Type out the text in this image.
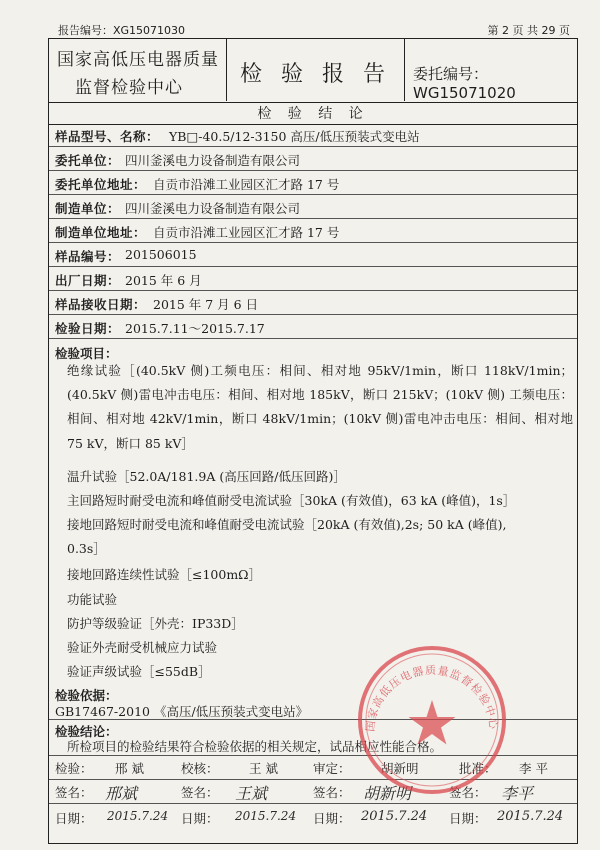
报告编号：XG15071030	第 2 页 共 29 页
国家高低压电器质量
监督检验中心
检 验 报 告	委托编号：WG15071020
检 验 结 论
样品型号、名称： YB□-40.5/12-3150 高压/低压预装式变电站
委托单位： 四川釜溪电力设备制造有限公司
委托单位地址： 自贡市沿滩工业园区汇才路 17 号
制造单位： 四川釜溪电力设备制造有限公司
制造单位地址： 自贡市沿滩工业园区汇才路 17 号
样品编号： 201506015
出厂日期： 2015 年 6 月
样品接收日期： 2015 年 7 月 6 日
检验日期： 2015.7.11～2015.7.17
检验项目：
绝缘试验［(40.5kV 侧)工频电压：相间、相对地 95kV/1min，断口 118kV/1min；(40.5kV 侧)雷电冲击电压：相间、相对地 185kV，断口 215kV；(10kV 侧) 工频电压：相间、相对地 42kV/1min，断口 48kV/1min；(10kV 侧)雷电冲击电压：相间、相对地 75 kV，断口 85 kV］
温升试验［52.0A/181.9A (高压回路/低压回路)］
主回路短时耐受电流和峰值耐受电流试验［30kA (有效值)，63 kA (峰值)，1s］
接地回路短时耐受电流和峰值耐受电流试验［20kA (有效值),2s; 50 kA (峰值),
0.3s］
接地回路连续性试验［≤100mΩ］
功能试验
防护等级验证［外壳：IP33D］
验证外壳耐受机械应力试验
验证声级试验［≤55dB］
检验依据：
GB17467-2010 《高压/低压预装式变电站》
检验结论：
所检项目的检验结果符合检验依据的相关规定，试品相应性能合格。
检验： 邢 斌	校核： 王 斌	审定： 胡新明	批准： 李 平
签名： 邢斌	签名： 王斌	签名： 胡新明	签名： 李平
日期： 2015.7.24 日期： 2015.7.24 日期： 2015.7.24 日期： 2015.7.24
国家高低压电器质量监督检验中心
